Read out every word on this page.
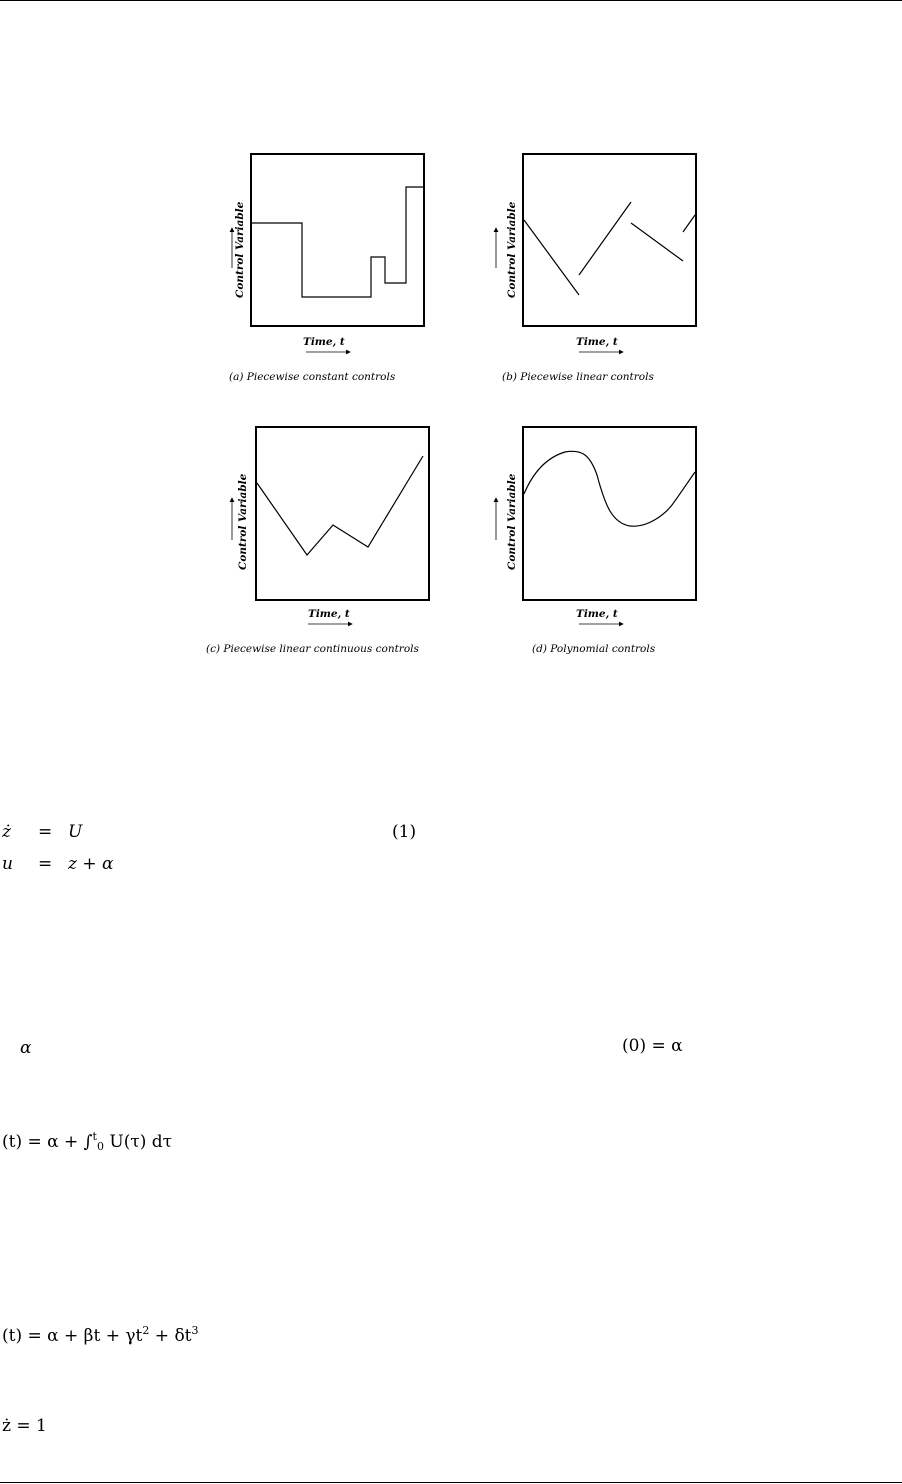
Control Variable
Time, t
(a) Piecewise constant controls
Control Variable
Time, t
(b) Piecewise linear controls
Control Variable
Time, t
(c) Piecewise linear continuous controls
Control Variable
Time, t
(d) Polynomial controls
ż = U	(1)
u = z + α
α	(0) = α
(t) = α + ∫$^t_0$ U(τ) dτ
$(t) = \alpha + \beta t + \gamma t^2 + \delta t^3$
ż = 1
